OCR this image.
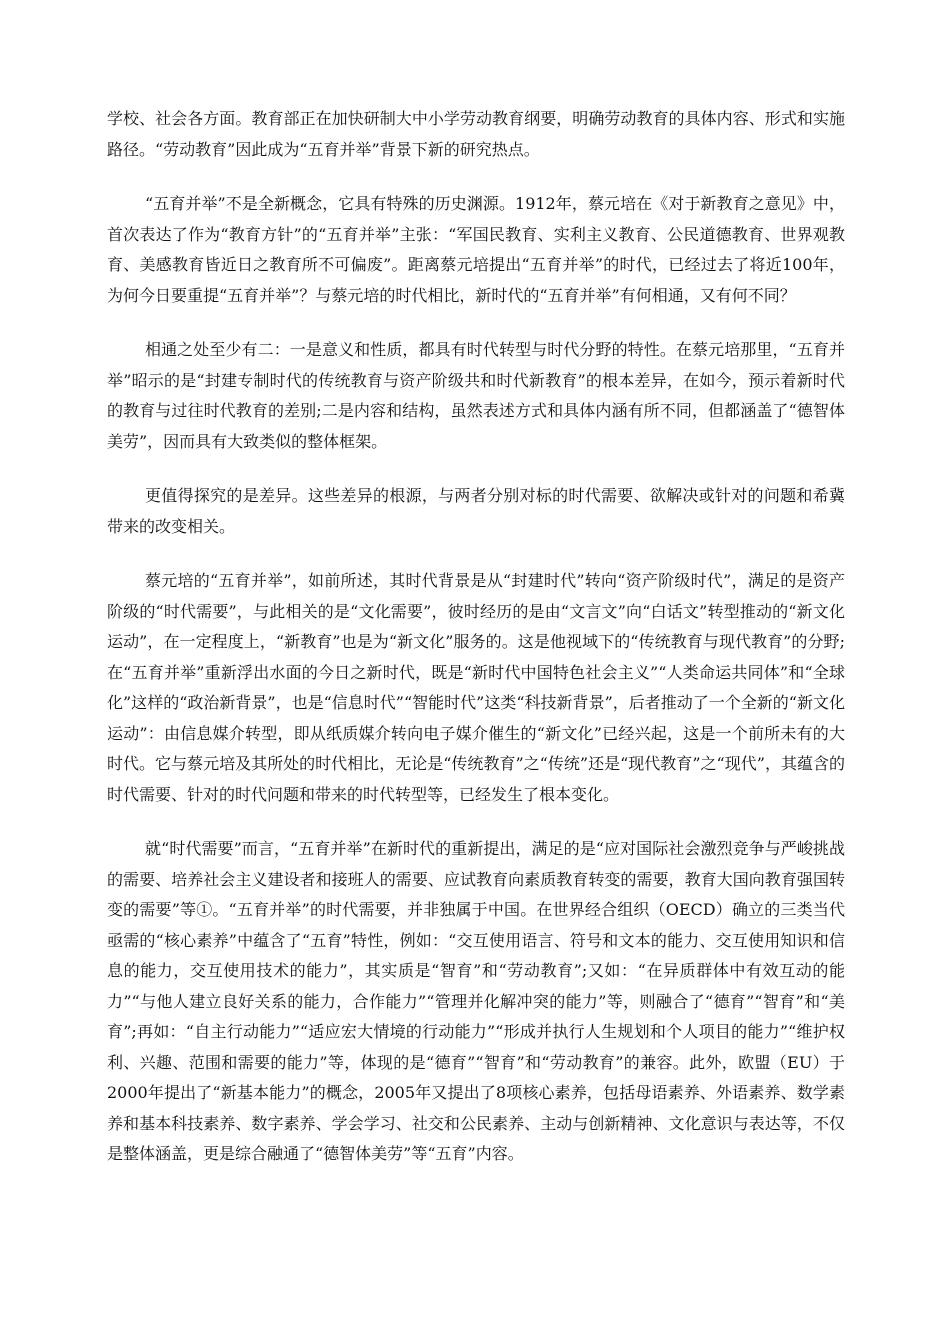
学校、社会各方面。教育部正在加快研制大中小学劳动教育纲要，明确劳动教育的具体内容、形式和实施路径。“劳动教育”因此成为“五育并举”背景下新的研究热点。

“五育并举”不是全新概念，它具有特殊的历史渊源。1912年，蔡元培在《对于新教育之意见》中，首次表达了作为“教育方针”的“五育并举”主张：“军国民教育、实利主义教育、公民道德教育、世界观教育、美感教育皆近日之教育所不可偏废”。距离蔡元培提出“五育并举”的时代，已经过去了将近100年，为何今日要重提“五育并举”？与蔡元培的时代相比，新时代的“五育并举”有何相通，又有何不同？

相通之处至少有二：一是意义和性质，都具有时代转型与时代分野的特性。在蔡元培那里，“五育并举”昭示的是“封建专制时代的传统教育与资产阶级共和时代新教育”的根本差异，在如今，预示着新时代的教育与过往时代教育的差别;二是内容和结构，虽然表述方式和具体内涵有所不同，但都涵盖了“德智体美劳”，因而具有大致类似的整体框架。

更值得探究的是差异。这些差异的根源，与两者分别对标的时代需要、欲解决或针对的问题和希冀带来的改变相关。

蔡元培的“五育并举”，如前所述，其时代背景是从“封建时代”转向“资产阶级时代”，满足的是资产阶级的“时代需要”，与此相关的是“文化需要”，彼时经历的是由“文言文”向“白话文”转型推动的“新文化运动”，在一定程度上，“新教育”也是为“新文化”服务的。这是他视域下的“传统教育与现代教育”的分野;在“五育并举”重新浮出水面的今日之新时代，既是“新时代中国特色社会主义”“人类命运共同体”和“全球化”这样的“政治新背景”，也是“信息时代”“智能时代”这类“科技新背景”，后者推动了一个全新的“新文化运动”：由信息媒介转型，即从纸质媒介转向电子媒介催生的“新文化”已经兴起，这是一个前所未有的大时代。它与蔡元培及其所处的时代相比，无论是“传统教育”之“传统”还是“现代教育”之“现代”，其蕴含的时代需要、针对的时代问题和带来的时代转型等，已经发生了根本变化。

就“时代需要”而言，“五育并举”在新时代的重新提出，满足的是“应对国际社会激烈竞争与严峻挑战的需要、培养社会主义建设者和接班人的需要、应试教育向素质教育转变的需要，教育大国向教育强国转变的需要”等①。“五育并举”的时代需要，并非独属于中国。在世界经合组织（OECD）确立的三类当代亟需的“核心素养”中蕴含了“五育”特性，例如：“交互使用语言、符号和文本的能力、交互使用知识和信息的能力，交互使用技术的能力”，其实质是“智育”和“劳动教育”;又如：“在异质群体中有效互动的能力”“与他人建立良好关系的能力，合作能力”“管理并化解冲突的能力”等，则融合了“德育”“智育”和“美育”;再如：“自主行动能力”“适应宏大情境的行动能力”“形成并执行人生规划和个人项目的能力”“维护权利、兴趣、范围和需要的能力”等，体现的是“德育”“智育”和“劳动教育”的兼容。此外，欧盟（EU）于2000年提出了“新基本能力”的概念，2005年又提出了8项核心素养，包括母语素养、外语素养、数学素养和基本科技素养、数字素养、学会学习、社交和公民素养、主动与创新精神、文化意识与表达等，不仅是整体涵盖，更是综合融通了“德智体美劳”等“五育”内容。
